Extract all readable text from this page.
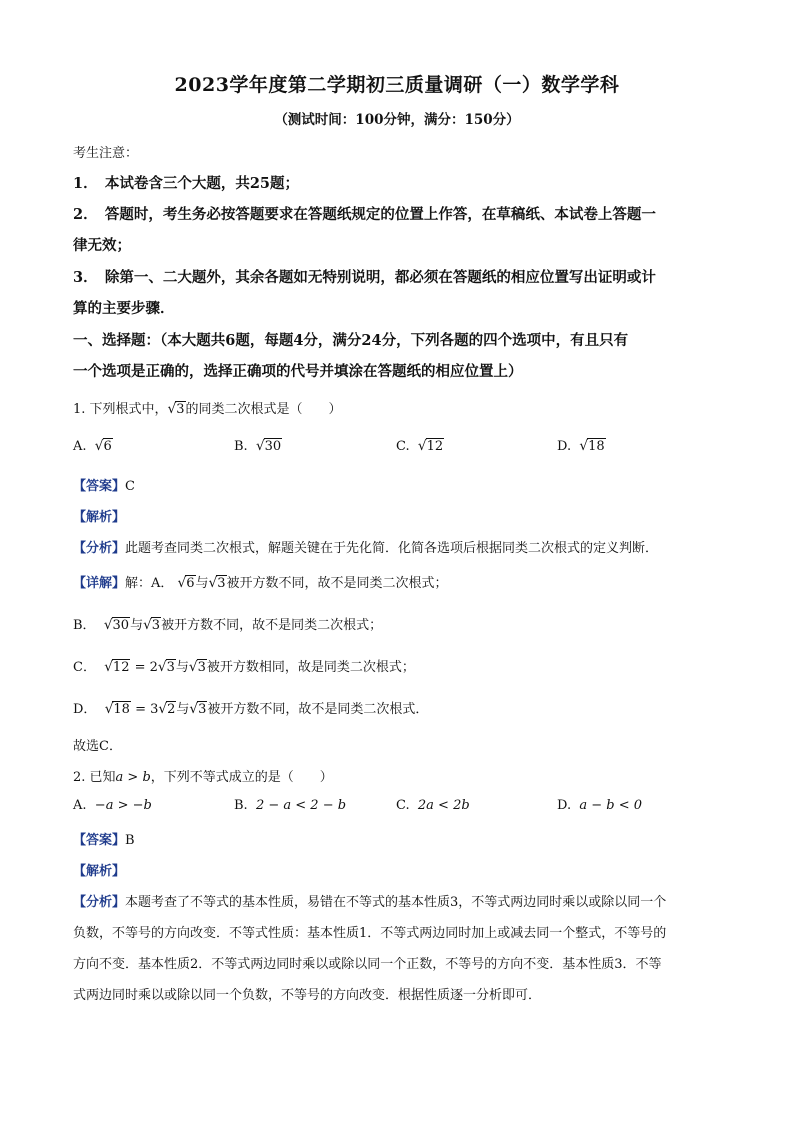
2023学年度第二学期初三质量调研（一）数学学科
（测试时间：100分钟，满分：150分）
考生注意：
1．　本试卷含三个大题，共25题；
2．　答题时，考生务必按答题要求在答题纸规定的位置上作答，在草稿纸、本试卷上答题一
律无效；
3．　除第一、二大题外，其余各题如无特别说明，都必须在答题纸的相应位置写出证明或计
算的主要步骤．
一、选择题：（本大题共6题，每题4分，满分24分，下列各题的四个选项中，有且只有
一个选项是正确的，选择正确项的代号并填涂在答题纸的相应位置上）
1. 下列根式中，√3的同类二次根式是（　　）
A. √6	B. √30	C. √12	D. √18
【答案】C
【解析】
【分析】此题考查同类二次根式，解题关键在于先化简．化简各选项后根据同类二次根式的定义判断．
【详解】解：A． √6与√3被开方数不同，故不是同类二次根式；
B． √30与√3被开方数不同，故不是同类二次根式；
C． √12 = 2√3与√3被开方数相同，故是同类二次根式；
D． √18 = 3√2与√3被开方数不同，故不是同类二次根式．
故选C．
2. 已知a > b，下列不等式成立的是（　　）
A. −a > −b	B. 2 − a < 2 − b	C. 2a < 2b	D. a − b < 0
【答案】B
【解析】
【分析】本题考查了不等式的基本性质，易错在不等式的基本性质3，不等式两边同时乘以或除以同一个
负数，不等号的方向改变．不等式性质：基本性质1．不等式两边同时加上或减去同一个整式，不等号的
方向不变．基本性质2．不等式两边同时乘以或除以同一个正数，不等号的方向不变．基本性质3．不等
式两边同时乘以或除以同一个负数，不等号的方向改变．根据性质逐一分析即可．
